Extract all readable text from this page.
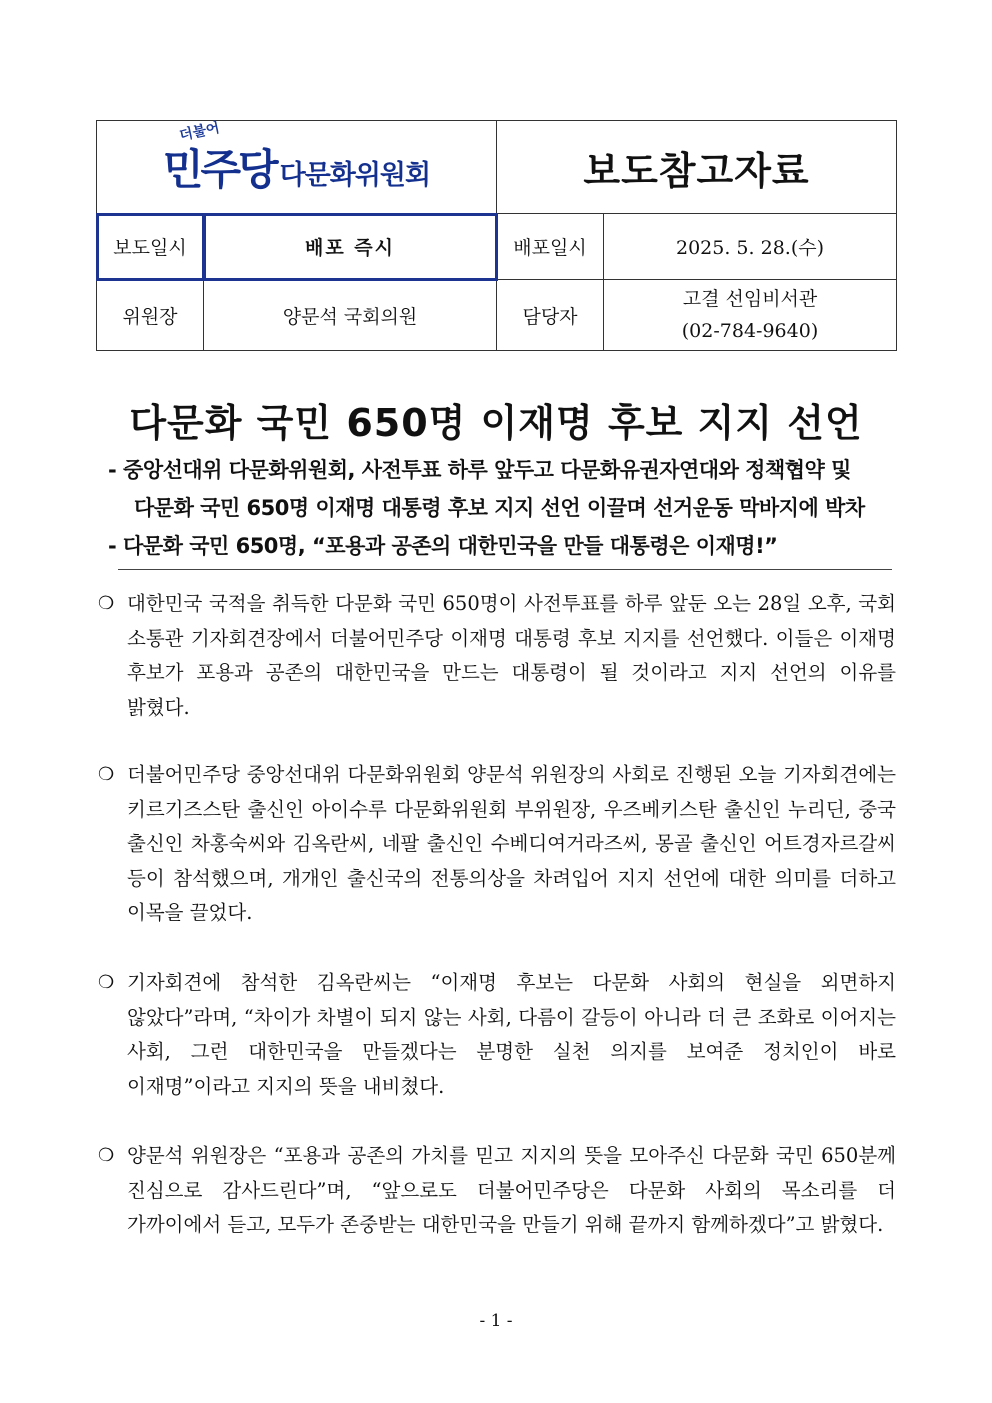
더불어
민주당 다문화위원회		보도참고자료	
보도일시	배포 즉시	배포일시	2025. 5. 28.(수)
위원장	양문석 국회의원	담당자	고결 선임비서관
(02-784-9640)
다문화 국민 650명 이재명 후보 지지 선언
- 중앙선대위 다문화위원회, 사전투표 하루 앞두고 다문화유권자연대와 정책협약 및
다문화 국민 650명 이재명 대통령 후보 지지 선언 이끌며 선거운동 막바지에 박차
- 다문화 국민 650명, “포용과 공존의 대한민국을 만들 대통령은 이재명!”
❍ 대한민국 국적을 취득한 다문화 국민 650명이 사전투표를 하루 앞둔 오는 28일 오후, 국회 소통관 기자회견장에서 더불어민주당 이재명 대통령 후보 지지를 선언했다. 이들은 이재명 후보가 포용과 공존의 대한민국을 만드는 대통령이 될 것이라고 지지 선언의 이유를 밝혔다.
❍ 더불어민주당 중앙선대위 다문화위원회 양문석 위원장의 사회로 진행된 오늘 기자회견에는 키르기즈스탄 출신인 아이수루 다문화위원회 부위원장, 우즈베키스탄 출신인 누리딘, 중국 출신인 차홍숙씨와 김옥란씨, 네팔 출신인 수베디여거라즈씨, 몽골 출신인 어트경자르갈씨 등이 참석했으며, 개개인 출신국의 전통의상을 차려입어 지지 선언에 대한 의미를 더하고 이목을 끌었다.
❍ 기자회견에 참석한 김옥란씨는 “이재명 후보는 다문화 사회의 현실을 외면하지 않았다”라며, “차이가 차별이 되지 않는 사회, 다름이 갈등이 아니라 더 큰 조화로 이어지는 사회, 그런 대한민국을 만들겠다는 분명한 실천 의지를 보여준 정치인이 바로 이재명”이라고 지지의 뜻을 내비쳤다.
❍ 양문석 위원장은 “포용과 공존의 가치를 믿고 지지의 뜻을 모아주신 다문화 국민 650분께 진심으로 감사드린다”며, “앞으로도 더불어민주당은 다문화 사회의 목소리를 더 가까이에서 듣고, 모두가 존중받는 대한민국을 만들기 위해 끝까지 함께하겠다”고 밝혔다.
- 1 -
